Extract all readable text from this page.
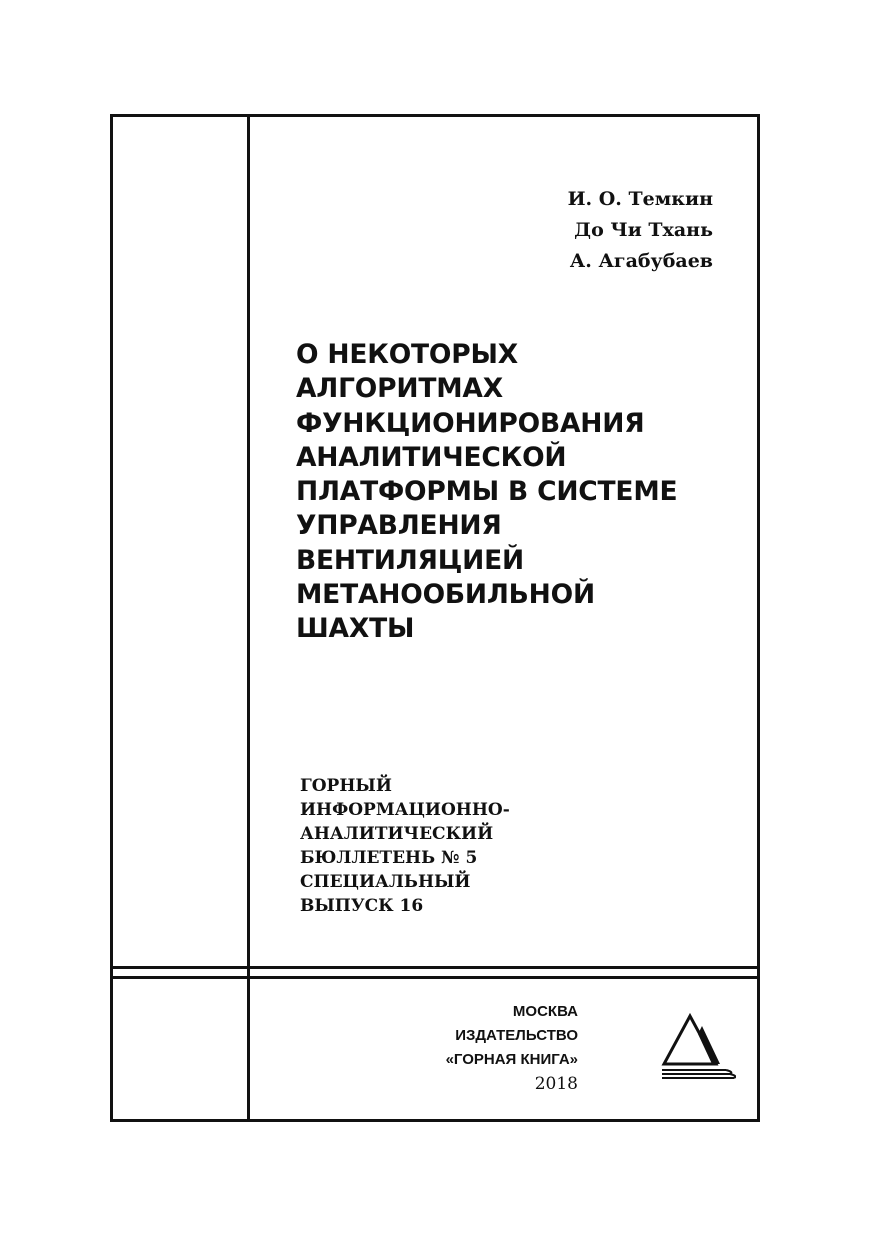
И. О. Темкин
До Чи Тхань
А. Агабубаев
О НЕКОТОРЫХ
АЛГОРИТМАХ
ФУНКЦИОНИРОВАНИЯ
АНАЛИТИЧЕСКОЙ
ПЛАТФОРМЫ В СИСТЕМЕ
УПРАВЛЕНИЯ
ВЕНТИЛЯЦИЕЙ
МЕТАНООБИЛЬНОЙ
ШАХТЫ
ГОРНЫЙ
ИНФОРМАЦИОННО-
АНАЛИТИЧЕСКИЙ
БЮЛЛЕТЕНЬ № 5
СПЕЦИАЛЬНЫЙ
ВЫПУСК 16
МОСКВА
ИЗДАТЕЛЬСТВО
«ГОРНАЯ КНИГА»
2018
